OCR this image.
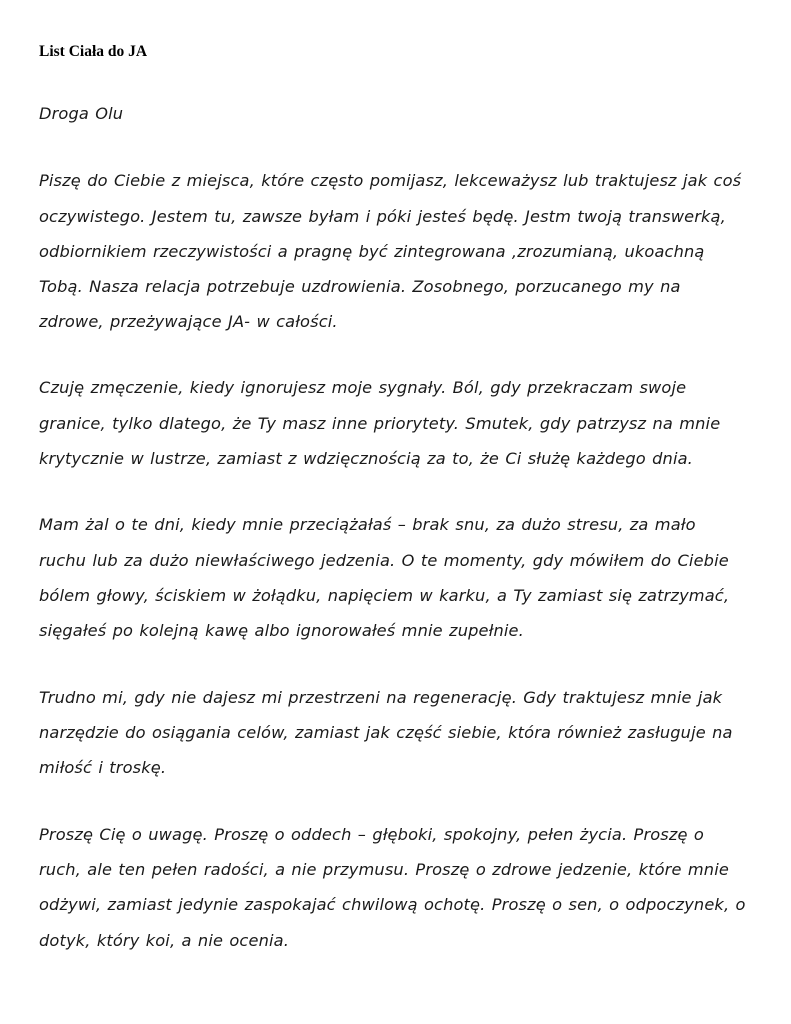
List Ciała do JA
Droga Olu
Piszę do Ciebie z miejsca, które często pomijasz, lekceważysz lub traktujesz jak coś
oczywistego. Jestem tu, zawsze byłam i póki jesteś będę. Jestm twoją transwerką,
odbiornikiem rzeczywistości a pragnę być zintegrowana ,zrozumianą, ukoachną
Tobą. Nasza relacja potrzebuje uzdrowienia. Zosobnego, porzucanego my na
zdrowe, przeżywające JA- w całości.
Czuję zmęczenie, kiedy ignorujesz moje sygnały. Ból, gdy przekraczam swoje
granice, tylko dlatego, że Ty masz inne priorytety. Smutek, gdy patrzysz na mnie
krytycznie w lustrze, zamiast z wdzięcznością za to, że Ci służę każdego dnia.
Mam żal o te dni, kiedy mnie przeciążałaś – brak snu, za dużo stresu, za mało
ruchu lub za dużo niewłaściwego jedzenia. O te momenty, gdy mówiłem do Ciebie
bólem głowy, ściskiem w żołądku, napięciem w karku, a Ty zamiast się zatrzymać,
sięgałeś po kolejną kawę albo ignorowałeś mnie zupełnie.
Trudno mi, gdy nie dajesz mi przestrzeni na regenerację. Gdy traktujesz mnie jak
narzędzie do osiągania celów, zamiast jak część siebie, która również zasługuje na
miłość i troskę.
Proszę Cię o uwagę. Proszę o oddech – głęboki, spokojny, pełen życia. Proszę o
ruch, ale ten pełen radości, a nie przymusu. Proszę o zdrowe jedzenie, które mnie
odżywi, zamiast jedynie zaspokajać chwilową ochotę. Proszę o sen, o odpoczynek, o
dotyk, który koi, a nie ocenia.
